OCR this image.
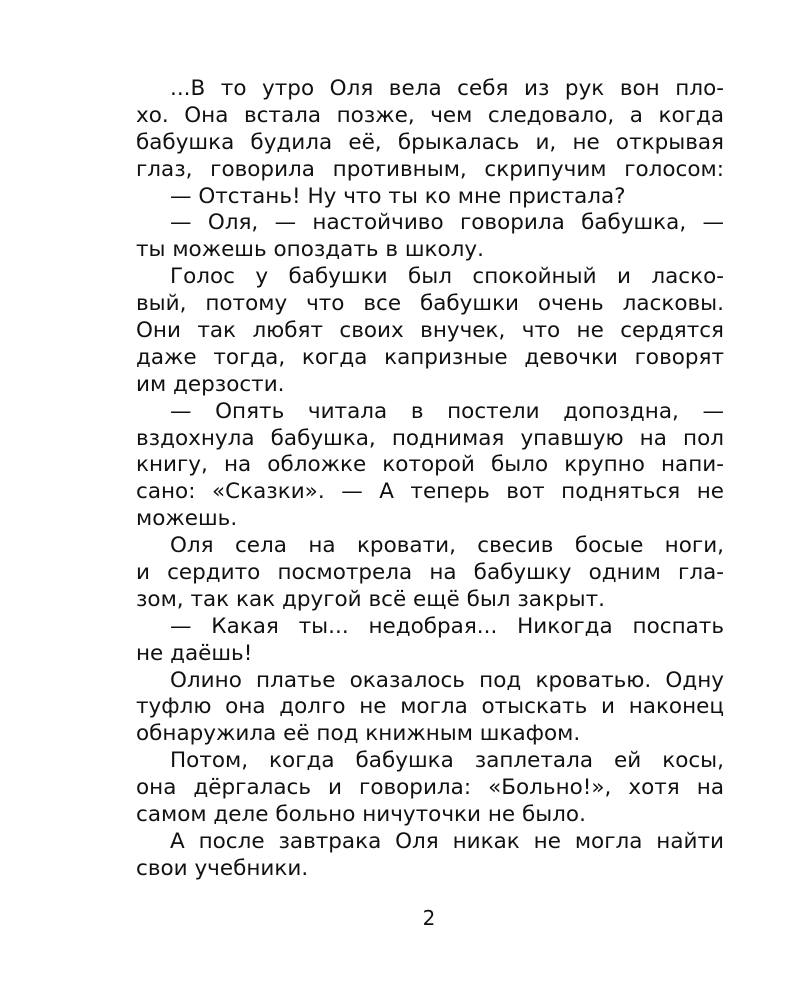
...В то утро Оля вела себя из рук вон пло-
хо. Она встала позже, чем следовало, а когда
бабушка будила её, брыкалась и, не открывая
глаз, говорила противным, скрипучим голосом:
— Отстань! Ну что ты ко мне пристала?
— Оля, — настойчиво говорила бабушка, —
ты можешь опоздать в школу.
Голос у бабушки был спокойный и ласко-
вый, потому что все бабушки очень ласковы.
Они так любят своих внучек, что не сердятся
даже тогда, когда капризные девочки говорят
им дерзости.
— Опять читала в постели допоздна, —
вздохнула бабушка, поднимая упавшую на пол
книгу, на обложке которой было крупно напи-
сано: «Сказки». — А теперь вот подняться не
можешь.
Оля села на кровати, свесив босые ноги,
и сердито посмотрела на бабушку одним гла-
зом, так как другой всё ещё был закрыт.
— Какая ты... недобрая... Никогда поспать
не даёшь!
Олино платье оказалось под кроватью. Одну
туфлю она долго не могла отыскать и наконец
обнаружила её под книжным шкафом.
Потом, когда бабушка заплетала ей косы,
она дёргалась и говорила: «Больно!», хотя на
самом деле больно ничуточки не было.
А после завтрака Оля никак не могла найти
свои учебники.
2
